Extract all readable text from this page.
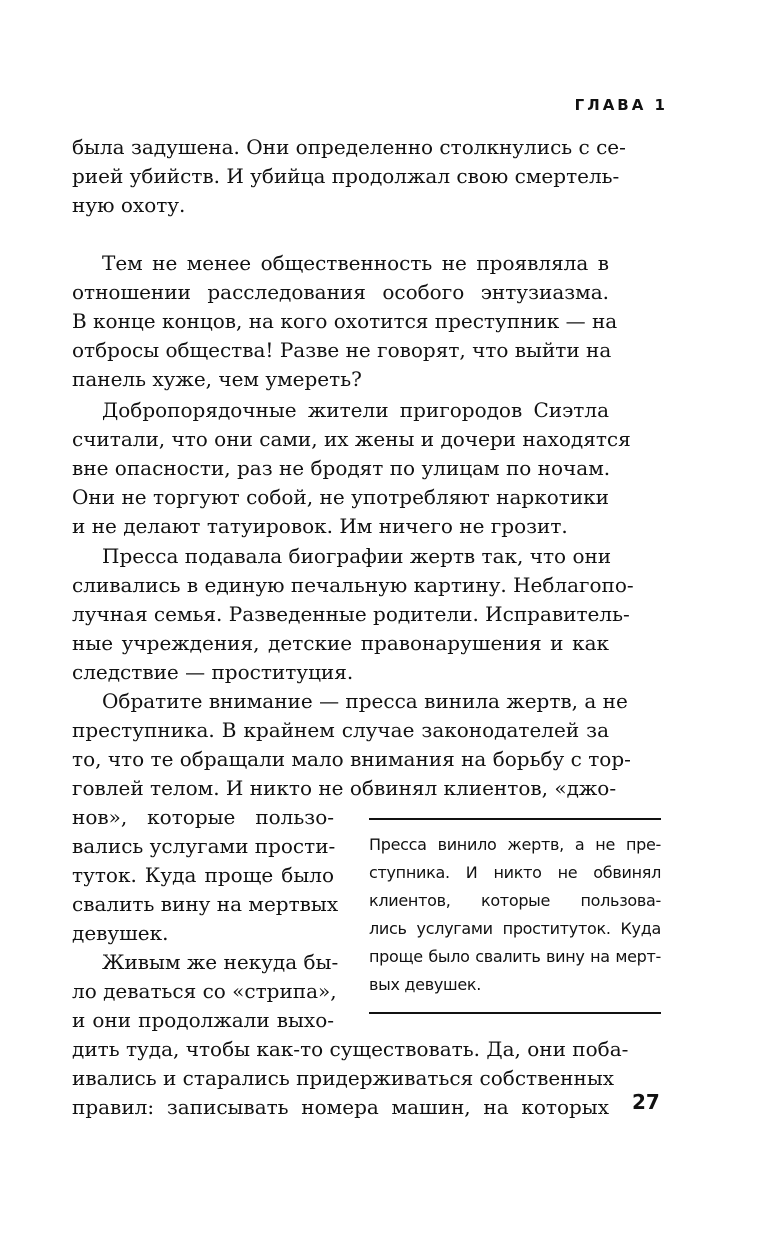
ГЛАВА 1
была задушена. Они определенно столкнулись с се-
рией убийств. И убийца продолжал свою смертель-
ную охоту.
Тем не менее общественность не проявляла в
отношении расследования особого энтузиазма.
В конце концов, на кого охотится преступник — на
отбросы общества! Разве не говорят, что выйти на
панель хуже, чем умереть?
Добропорядочные жители пригородов Сиэтла
считали, что они сами, их жены и дочери находятся
вне опасности, раз не бродят по улицам по ночам.
Они не торгуют собой, не употребляют наркотики
и не делают татуировок. Им ничего не грозит.
Пресса подавала биографии жертв так, что они
сливались в единую печальную картину. Неблагопо-
лучная семья. Разведенные родители. Исправитель-
ные учреждения, детские правонарушения и как
следствие — проституция.
Обратите внимание — пресса винила жертв, а не
преступника. В крайнем случае законодателей за
то, что те обращали мало внимания на борьбу с тор-
говлей телом. И никто не обвинял клиентов, «джо-
нов», которые пользо-
вались услугами прости-
туток. Куда проще было
свалить вину на мертвых
девушек.
Живым же некуда бы-
ло деваться со «стрипа»,
и они продолжали выхо-
дить туда, чтобы как-то существовать. Да, они поба-
ивались и старались придерживаться собственных
правил: записывать номера машин, на которых
Пресса винило жертв, а не пре-
ступника. И никто не обвинял
клиентов, которые пользова-
лись услугами проституток. Куда
проще было свалить вину на мерт-
вых девушек.
27
